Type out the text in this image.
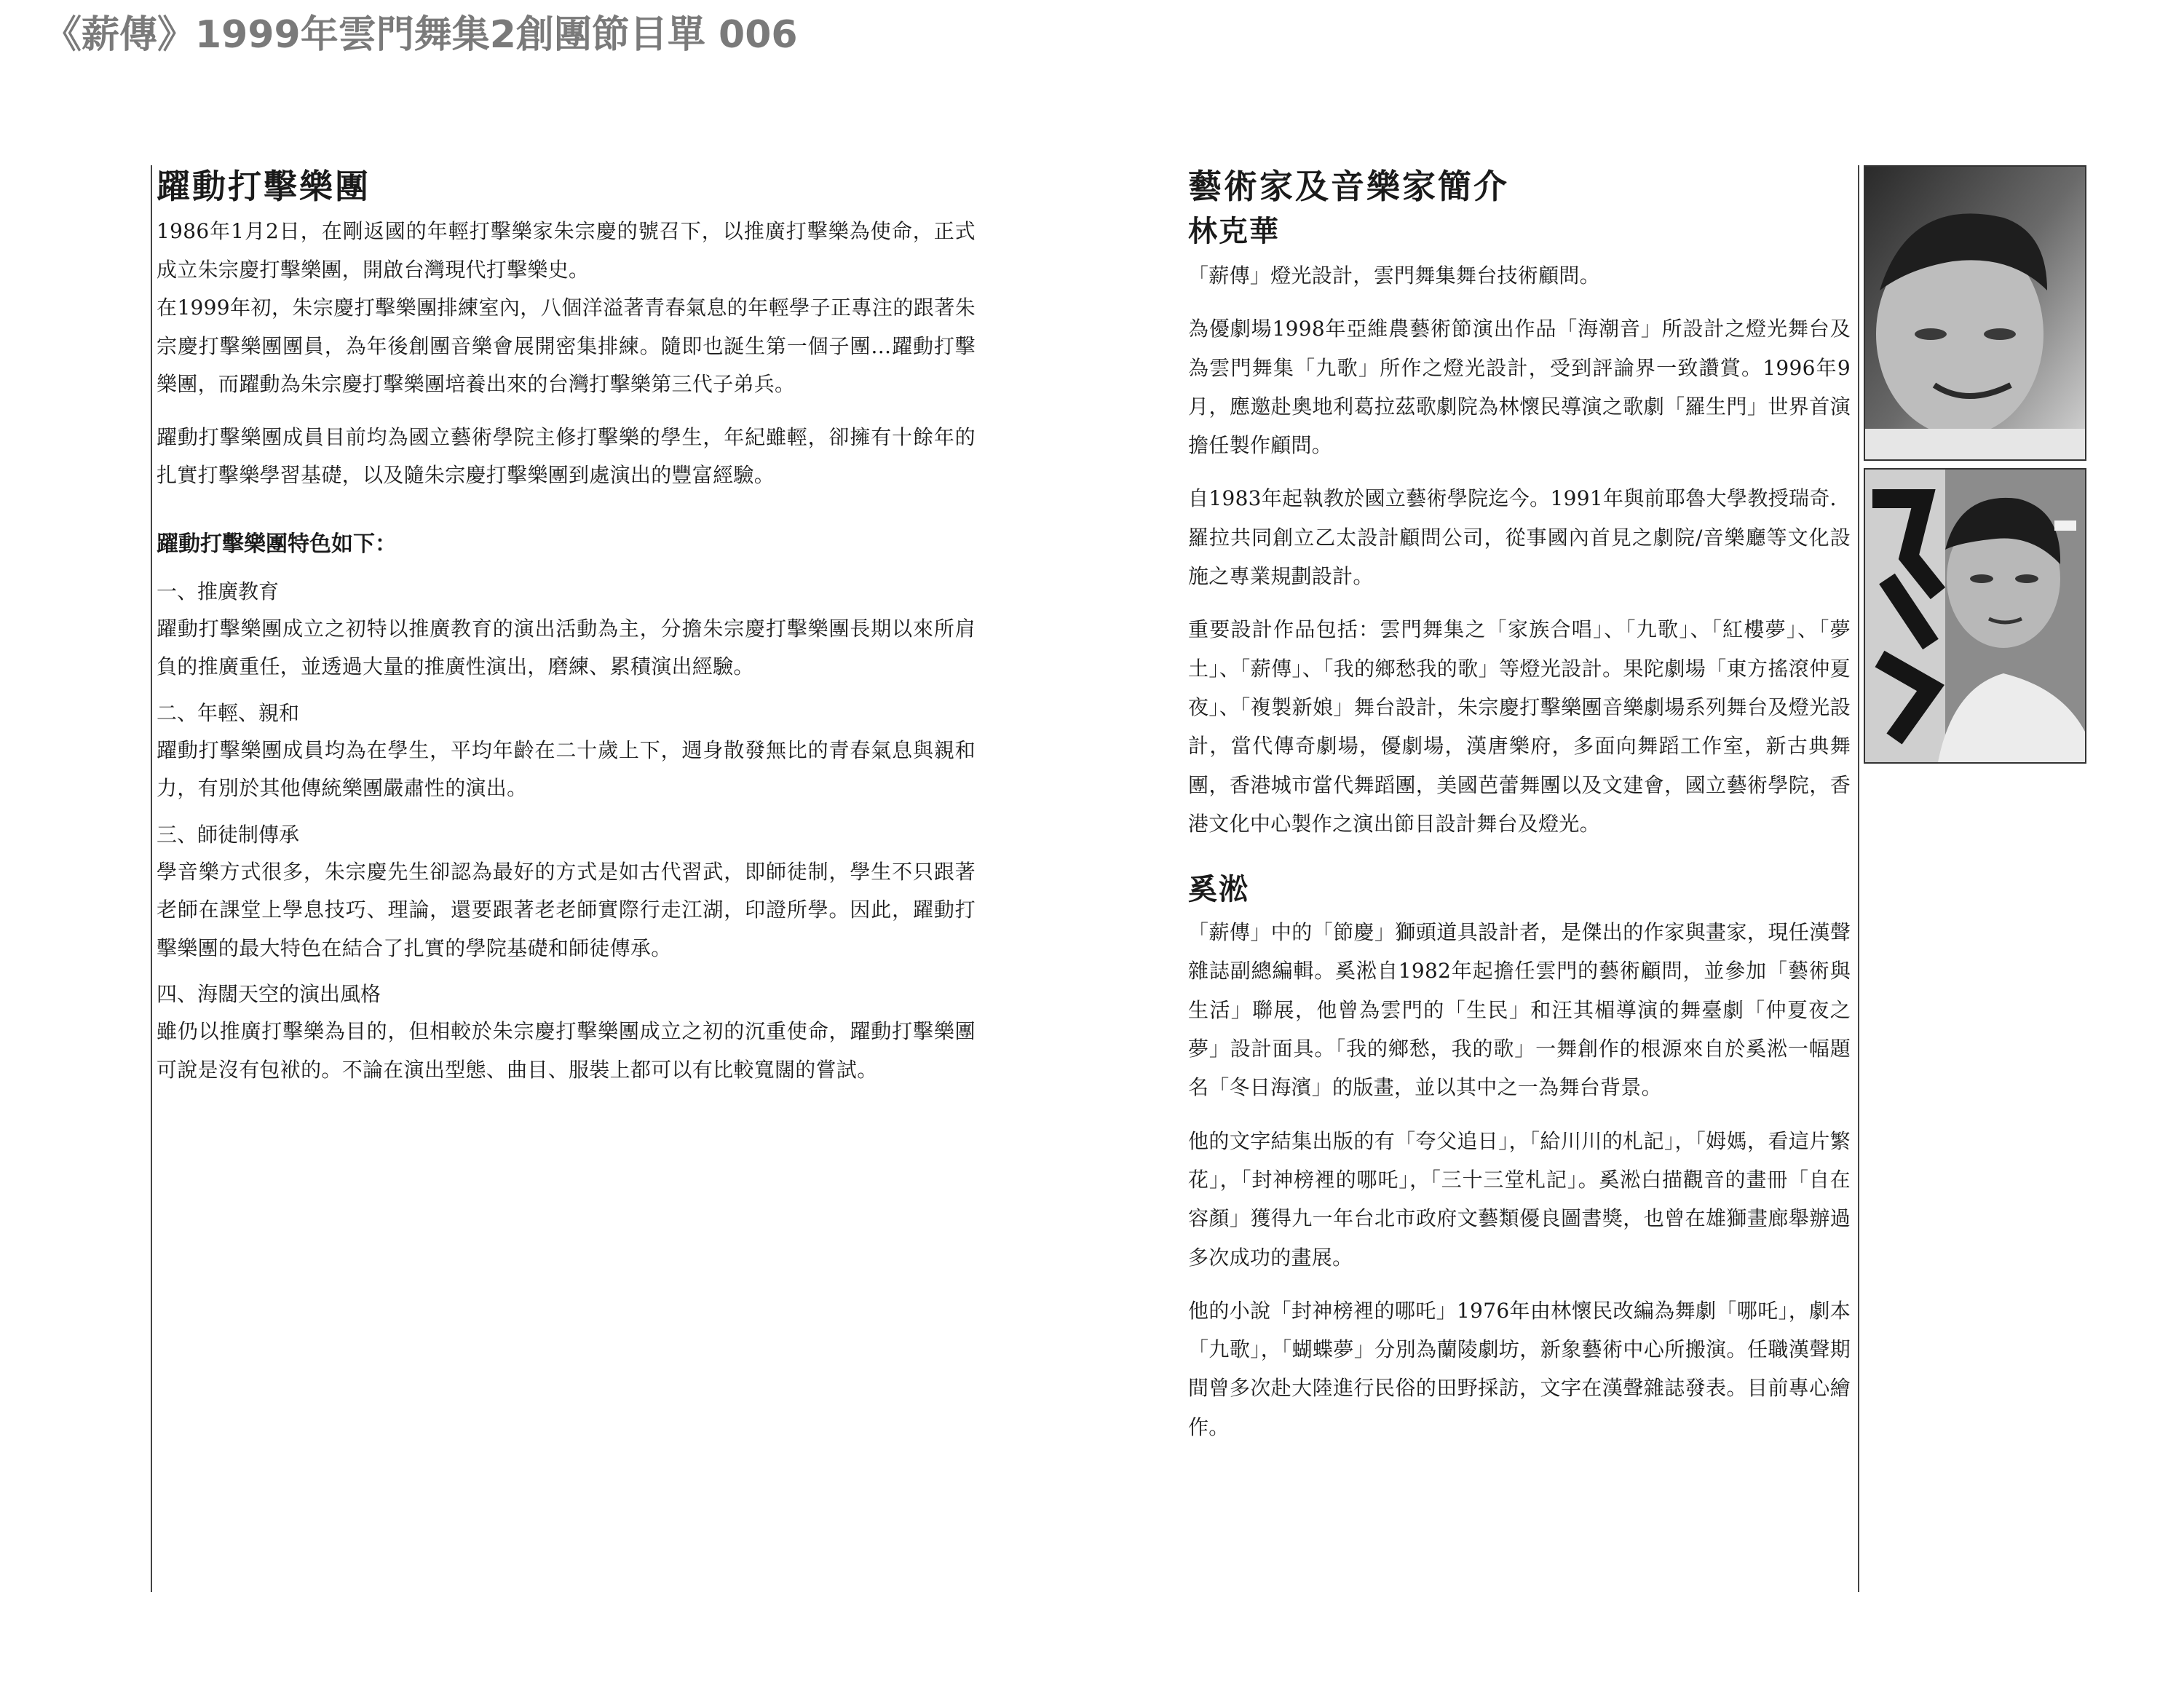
《薪傳》1999年雲門舞集2創團節目單 006
躍動打擊樂團

1986年1月2日，在剛返國的年輕打擊樂家朱宗慶的號召下，以推廣打擊樂為使命，正式成立朱宗慶打擊樂團，開啟台灣現代打擊樂史。

在1999年初，朱宗慶打擊樂團排練室內，八個洋溢著青春氣息的年輕學子正專注的跟著朱宗慶打擊樂團團員，為年後創團音樂會展開密集排練。隨即也誕生第一個子團…躍動打擊樂團，而躍動為朱宗慶打擊樂團培養出來的台灣打擊樂第三代子弟兵。

躍動打擊樂團成員目前均為國立藝術學院主修打擊樂的學生，年紀雖輕，卻擁有十餘年的扎實打擊樂學習基礎，以及隨朱宗慶打擊樂團到處演出的豐富經驗。

躍動打擊樂團特色如下：
一、推廣教育

躍動打擊樂團成立之初特以推廣教育的演出活動為主，分擔朱宗慶打擊樂團長期以來所肩負的推廣重任，並透過大量的推廣性演出，磨練、累積演出經驗。

二、年輕、親和

躍動打擊樂團成員均為在學生，平均年齡在二十歲上下，週身散發無比的青春氣息與親和力，有別於其他傳統樂團嚴肅性的演出。

三、師徒制傳承

學音樂方式很多，朱宗慶先生卻認為最好的方式是如古代習武，即師徒制，學生不只跟著老師在課堂上學息技巧、理論，還要跟著老老師實際行走江湖，印證所學。因此，躍動打擊樂團的最大特色在結合了扎實的學院基礎和師徒傳承。

四、海闊天空的演出風格

雖仍以推廣打擊樂為目的，但相較於朱宗慶打擊樂團成立之初的沉重使命，躍動打擊樂團可說是沒有包袱的。不論在演出型態、曲目、服裝上都可以有比較寬闊的嘗試。

藝術家及音樂家簡介
林克華

「薪傳」燈光設計，雲門舞集舞台技術顧問。

為優劇場1998年亞維農藝術節演出作品「海潮音」所設計之燈光舞台及為雲門舞集「九歌」所作之燈光設計，受到評論界一致讚賞。1996年9月，應邀赴奧地利葛拉茲歌劇院為林懷民導演之歌劇「羅生門」世界首演擔任製作顧問。

自1983年起執教於國立藝術學院迄今。1991年與前耶魯大學教授瑞奇．羅拉共同創立乙太設計顧問公司，從事國內首見之劇院/音樂廳等文化設施之專業規劃設計。

重要設計作品包括：雲門舞集之「家族合唱」、「九歌」、「紅樓夢」、「夢土」、「薪傳」、「我的鄉愁我的歌」等燈光設計。果陀劇場「東方搖滾仲夏夜」、「複製新娘」舞台設計，朱宗慶打擊樂團音樂劇場系列舞台及燈光設計，當代傳奇劇場，優劇場，漢唐樂府，多面向舞蹈工作室，新古典舞團，香港城市當代舞蹈團，美國芭蕾舞團以及文建會，國立藝術學院，香港文化中心製作之演出節目設計舞台及燈光。

奚淞

「薪傳」中的「節慶」獅頭道具設計者，是傑出的作家與畫家，現任漢聲雜誌副總編輯。奚淞自1982年起擔任雲門的藝術顧問，並參加「藝術與生活」聯展，他曾為雲門的「生民」和汪其楣導演的舞臺劇「仲夏夜之夢」設計面具。「我的鄉愁，我的歌」一舞創作的根源來自於奚淞一幅題名「冬日海濱」的版畫，並以其中之一為舞台背景。

他的文字結集出版的有「夸父追日」，「給川川的札記」，「姆媽，看這片繁花」，「封神榜裡的哪吒」，「三十三堂札記」。奚淞白描觀音的畫冊「自在容顏」獲得九一年台北市政府文藝類優良圖書獎，也曾在雄獅畫廊舉辦過多次成功的畫展。

他的小說「封神榜裡的哪吒」1976年由林懷民改編為舞劇「哪吒」，劇本「九歌」，「蝴蝶夢」分別為蘭陵劇坊，新象藝術中心所搬演。任職漢聲期間曾多次赴大陸進行民俗的田野採訪，文字在漢聲雜誌發表。目前專心繪作。
